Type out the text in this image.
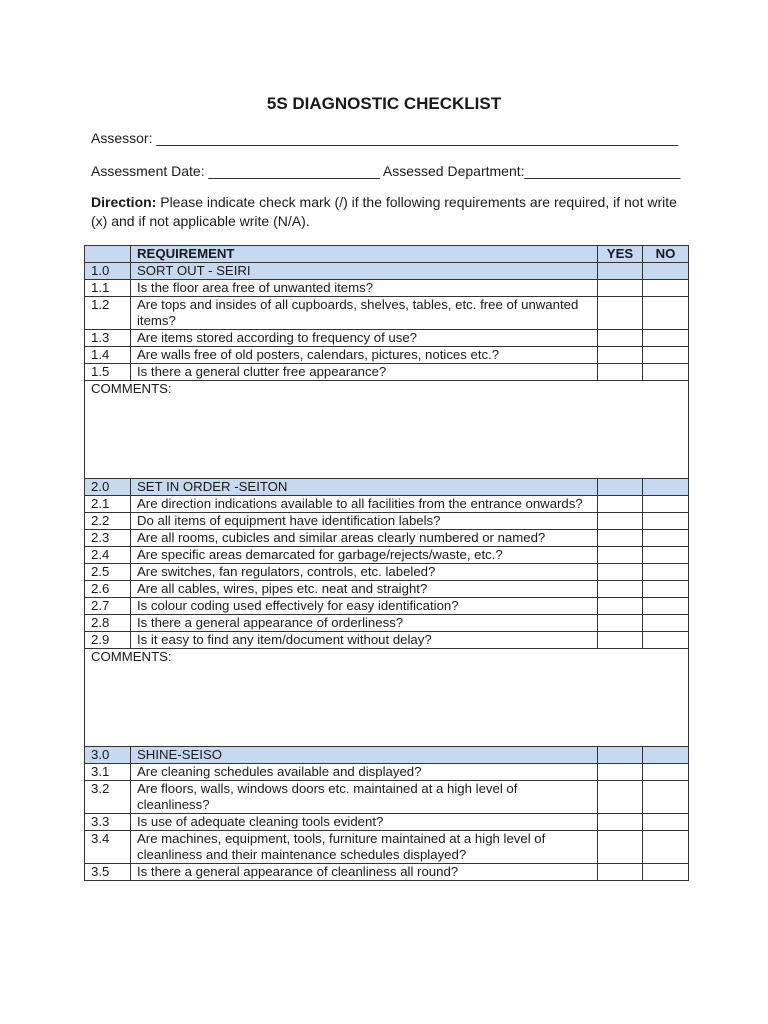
5S DIAGNOSTIC CHECKLIST
Assessor: ___________________________________________________________________
Assessment Date: ______________________ Assessed Department:____________________
Direction: Please indicate check mark (/) if the following requirements are required, if not write (x) and if not applicable write (N/A).
	REQUIREMENT	YES	NO
1.0	SORT OUT - SEIRI		
1.1	Is the floor area free of unwanted items?		
1.2	Are tops and insides of all cupboards, shelves, tables, etc. free of unwanted items?		
1.3	Are items stored according to frequency of use?		
1.4	Are walls free of old posters, calendars, pictures, notices etc.?		
1.5	Is there a general clutter free appearance?		
COMMENTS:			
2.0	SET IN ORDER -SEITON		
2.1	Are direction indications available to all facilities from the entrance onwards?		
2.2	Do all items of equipment have identification labels?		
2.3	Are all rooms, cubicles and similar areas clearly numbered or named?		
2.4	Are specific areas demarcated for garbage/rejects/waste, etc.?		
2.5	Are switches, fan regulators, controls, etc. labeled?		
2.6	Are all cables, wires, pipes etc. neat and straight?		
2.7	Is colour coding used effectively for easy identification?		
2.8	Is there a general appearance of orderliness?		
2.9	Is it easy to find any item/document without delay?		
COMMENTS:			
3.0	SHINE-SEISO		
3.1	Are cleaning schedules available and displayed?		
3.2	Are floors, walls, windows doors etc. maintained at a high level of cleanliness?		
3.3	Is use of adequate cleaning tools evident?		
3.4	Are machines, equipment, tools, furniture maintained at a high level of cleanliness and their maintenance schedules displayed?		
3.5	Is there a general appearance of cleanliness all round?		
